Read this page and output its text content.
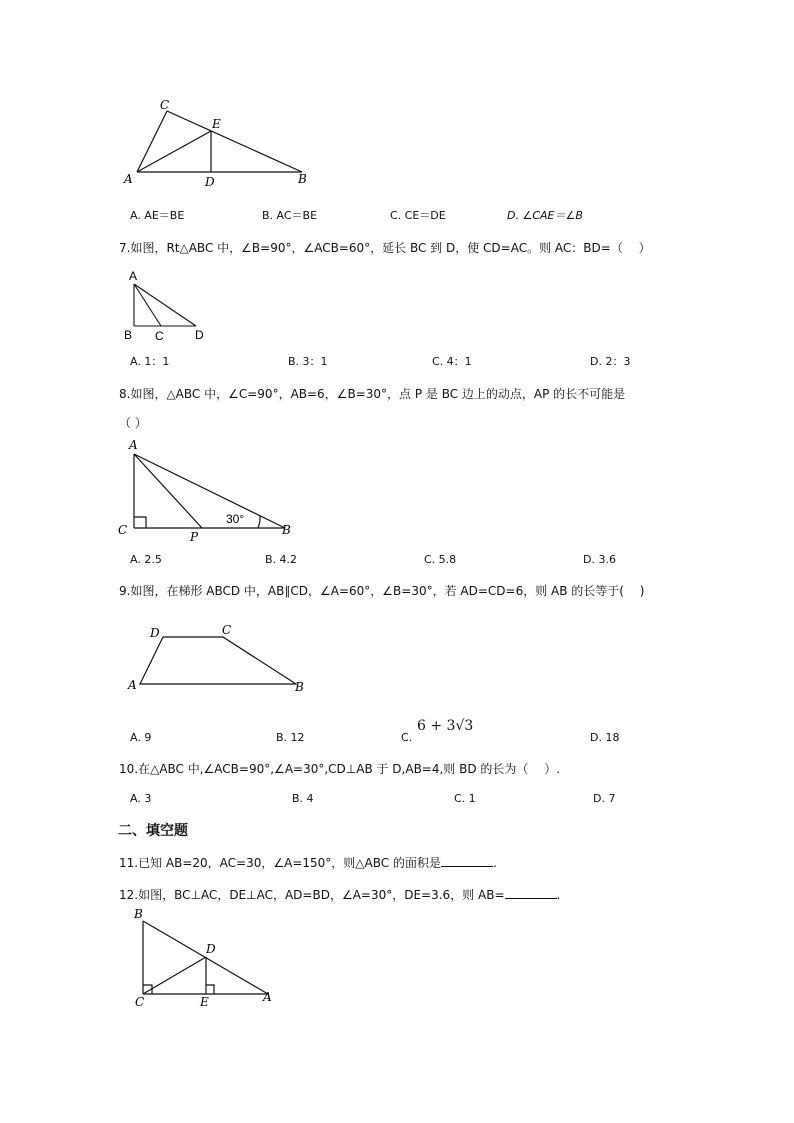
C
E
A	D	B
A. AE＝BE	B. AC＝BE	C. CE＝DE	D. ∠CAE＝∠B
7.如图，Rt△ABC 中，∠B=90°，∠ACB=60°，延长 BC 到 D，使 CD=AC。则 AC：BD=（　 ）
A
B C	D
A. 1：1	B. 3：1	C. 4：1	D. 2：3
8.如图，△ABC 中，∠C=90°，AB=6，∠B=30°，点 P 是 BC 边上的动点，AP 的长不可能是
（ ）
A
C	P	B
30°
A. 2.5	B. 4.2	C. 5.8	D. 3.6
9.如图，在梯形 ABCD 中，AB∥CD，∠A=60°，∠B=30°，若 AD=CD=6，则 AB 的长等于(　 )
D	C
A	B
A. 9	B. 12	C.
6 + 3√3
D. 18
10.在△ABC 中,∠ACB=90°,∠A=30°,CD⊥AB 于 D,AB=4,则 BD 的长为（　 ）.
A. 3	B. 4	C. 1	D. 7
二、填空题
11.已知 AB=20，AC=30，∠A=150°，则△ABC 的面积是	.
12.如图，BC⊥AC，DE⊥AC，AD=BD，∠A=30°，DE=3.6，则 AB=	.
B
D
C	E	A
